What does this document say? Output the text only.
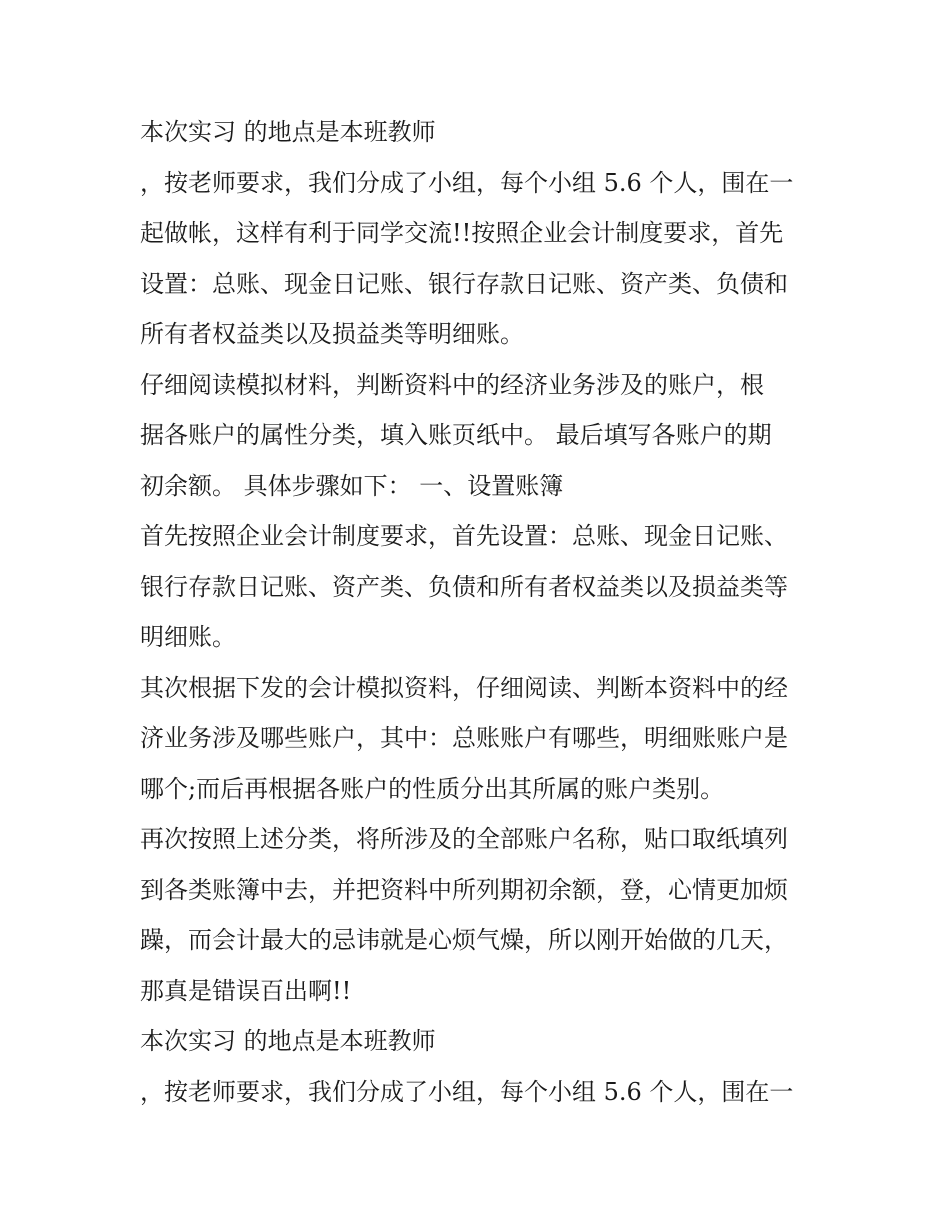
本次实习 的地点是本班教师
，按老师要求，我们分成了小组，每个小组 5.6 个人，围在一
起做帐，这样有利于同学交流!!按照企业会计制度要求，首先
设置：总账、现金日记账、银行存款日记账、资产类、负债和
所有者权益类以及损益类等明细账。
仔细阅读模拟材料，判断资料中的经济业务涉及的账户，根
据各账户的属性分类，填入账页纸中。 最后填写各账户的期
初余额。 具体步骤如下： 一、设置账簿
首先按照企业会计制度要求，首先设置：总账、现金日记账、
银行存款日记账、资产类、负债和所有者权益类以及损益类等
明细账。
其次根据下发的会计模拟资料，仔细阅读、判断本资料中的经
济业务涉及哪些账户，其中：总账账户有哪些，明细账账户是
哪个;而后再根据各账户的性质分出其所属的账户类别。
再次按照上述分类，将所涉及的全部账户名称，贴口取纸填列
到各类账簿中去，并把资料中所列期初余额，登，心情更加烦
躁，而会计最大的忌讳就是心烦气燥，所以刚开始做的几天，
那真是错误百出啊!!
本次实习 的地点是本班教师
，按老师要求，我们分成了小组，每个小组 5.6 个人，围在一
